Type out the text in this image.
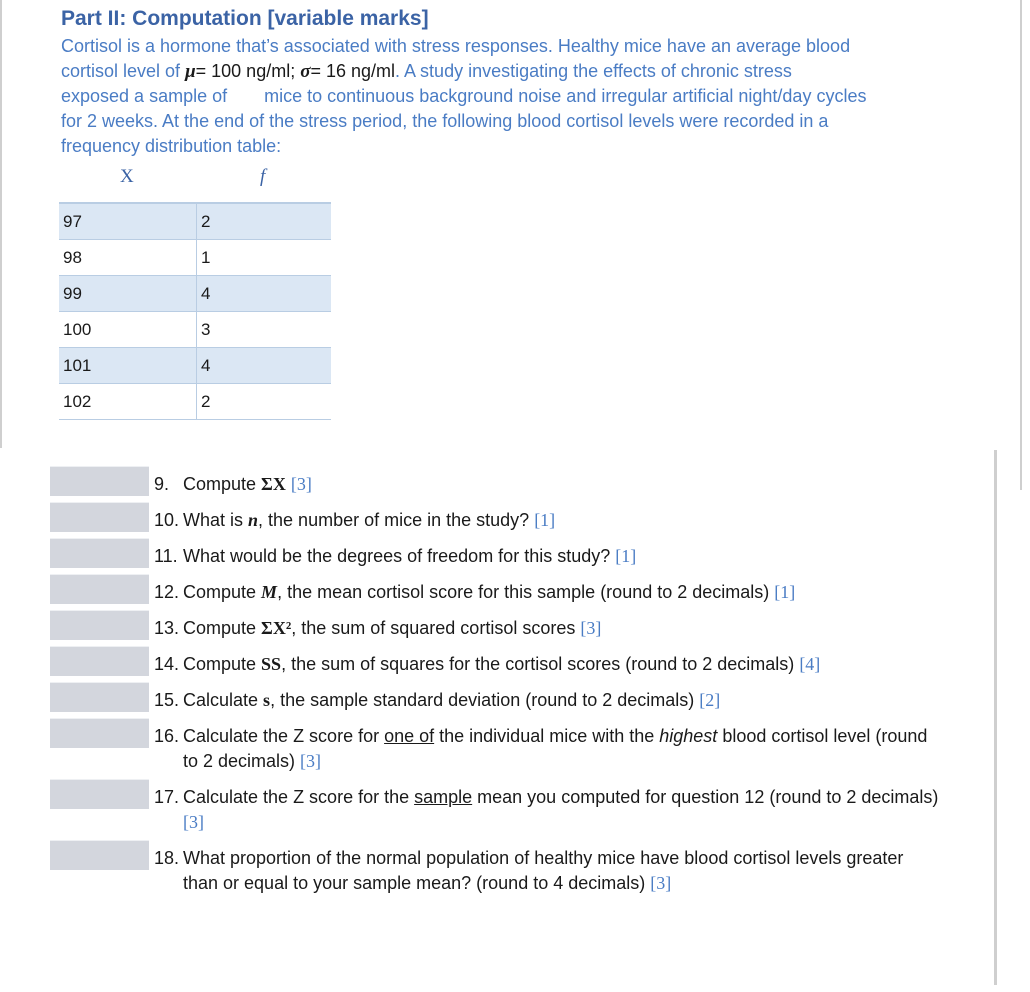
Part II: Computation [variable marks]
Cortisol is a hormone that’s associated with stress responses. Healthy mice have an average blood
cortisol level of μ= 100 ng/ml; σ= 16 ng/ml. A study investigating the effects of chronic stress
exposed a sample of mice to continuous background noise and irregular artificial night/day cycles
for 2 weeks. At the end of the stress period, the following blood cortisol levels were recorded in a
frequency distribution table:
X	f
97	2
98	1
99	4
100	3
101	4
102	2
9. Compute ΣX [3]
10. What is n, the number of mice in the study? [1]
11. What would be the degrees of freedom for this study? [1]
12. Compute M, the mean cortisol score for this sample (round to 2 decimals) [1]
13. Compute ΣX², the sum of squared cortisol scores [3]
14. Compute SS, the sum of squares for the cortisol scores (round to 2 decimals) [4]
15. Calculate s, the sample standard deviation (round to 2 decimals) [2]
16. Calculate the Z score for one of the individual mice with the highest blood cortisol level (round to 2 decimals) [3]
17. Calculate the Z score for the sample mean you computed for question 12 (round to 2 decimals) [3]
18. What proportion of the normal population of healthy mice have blood cortisol levels greater than or equal to your sample mean? (round to 4 decimals) [3]
